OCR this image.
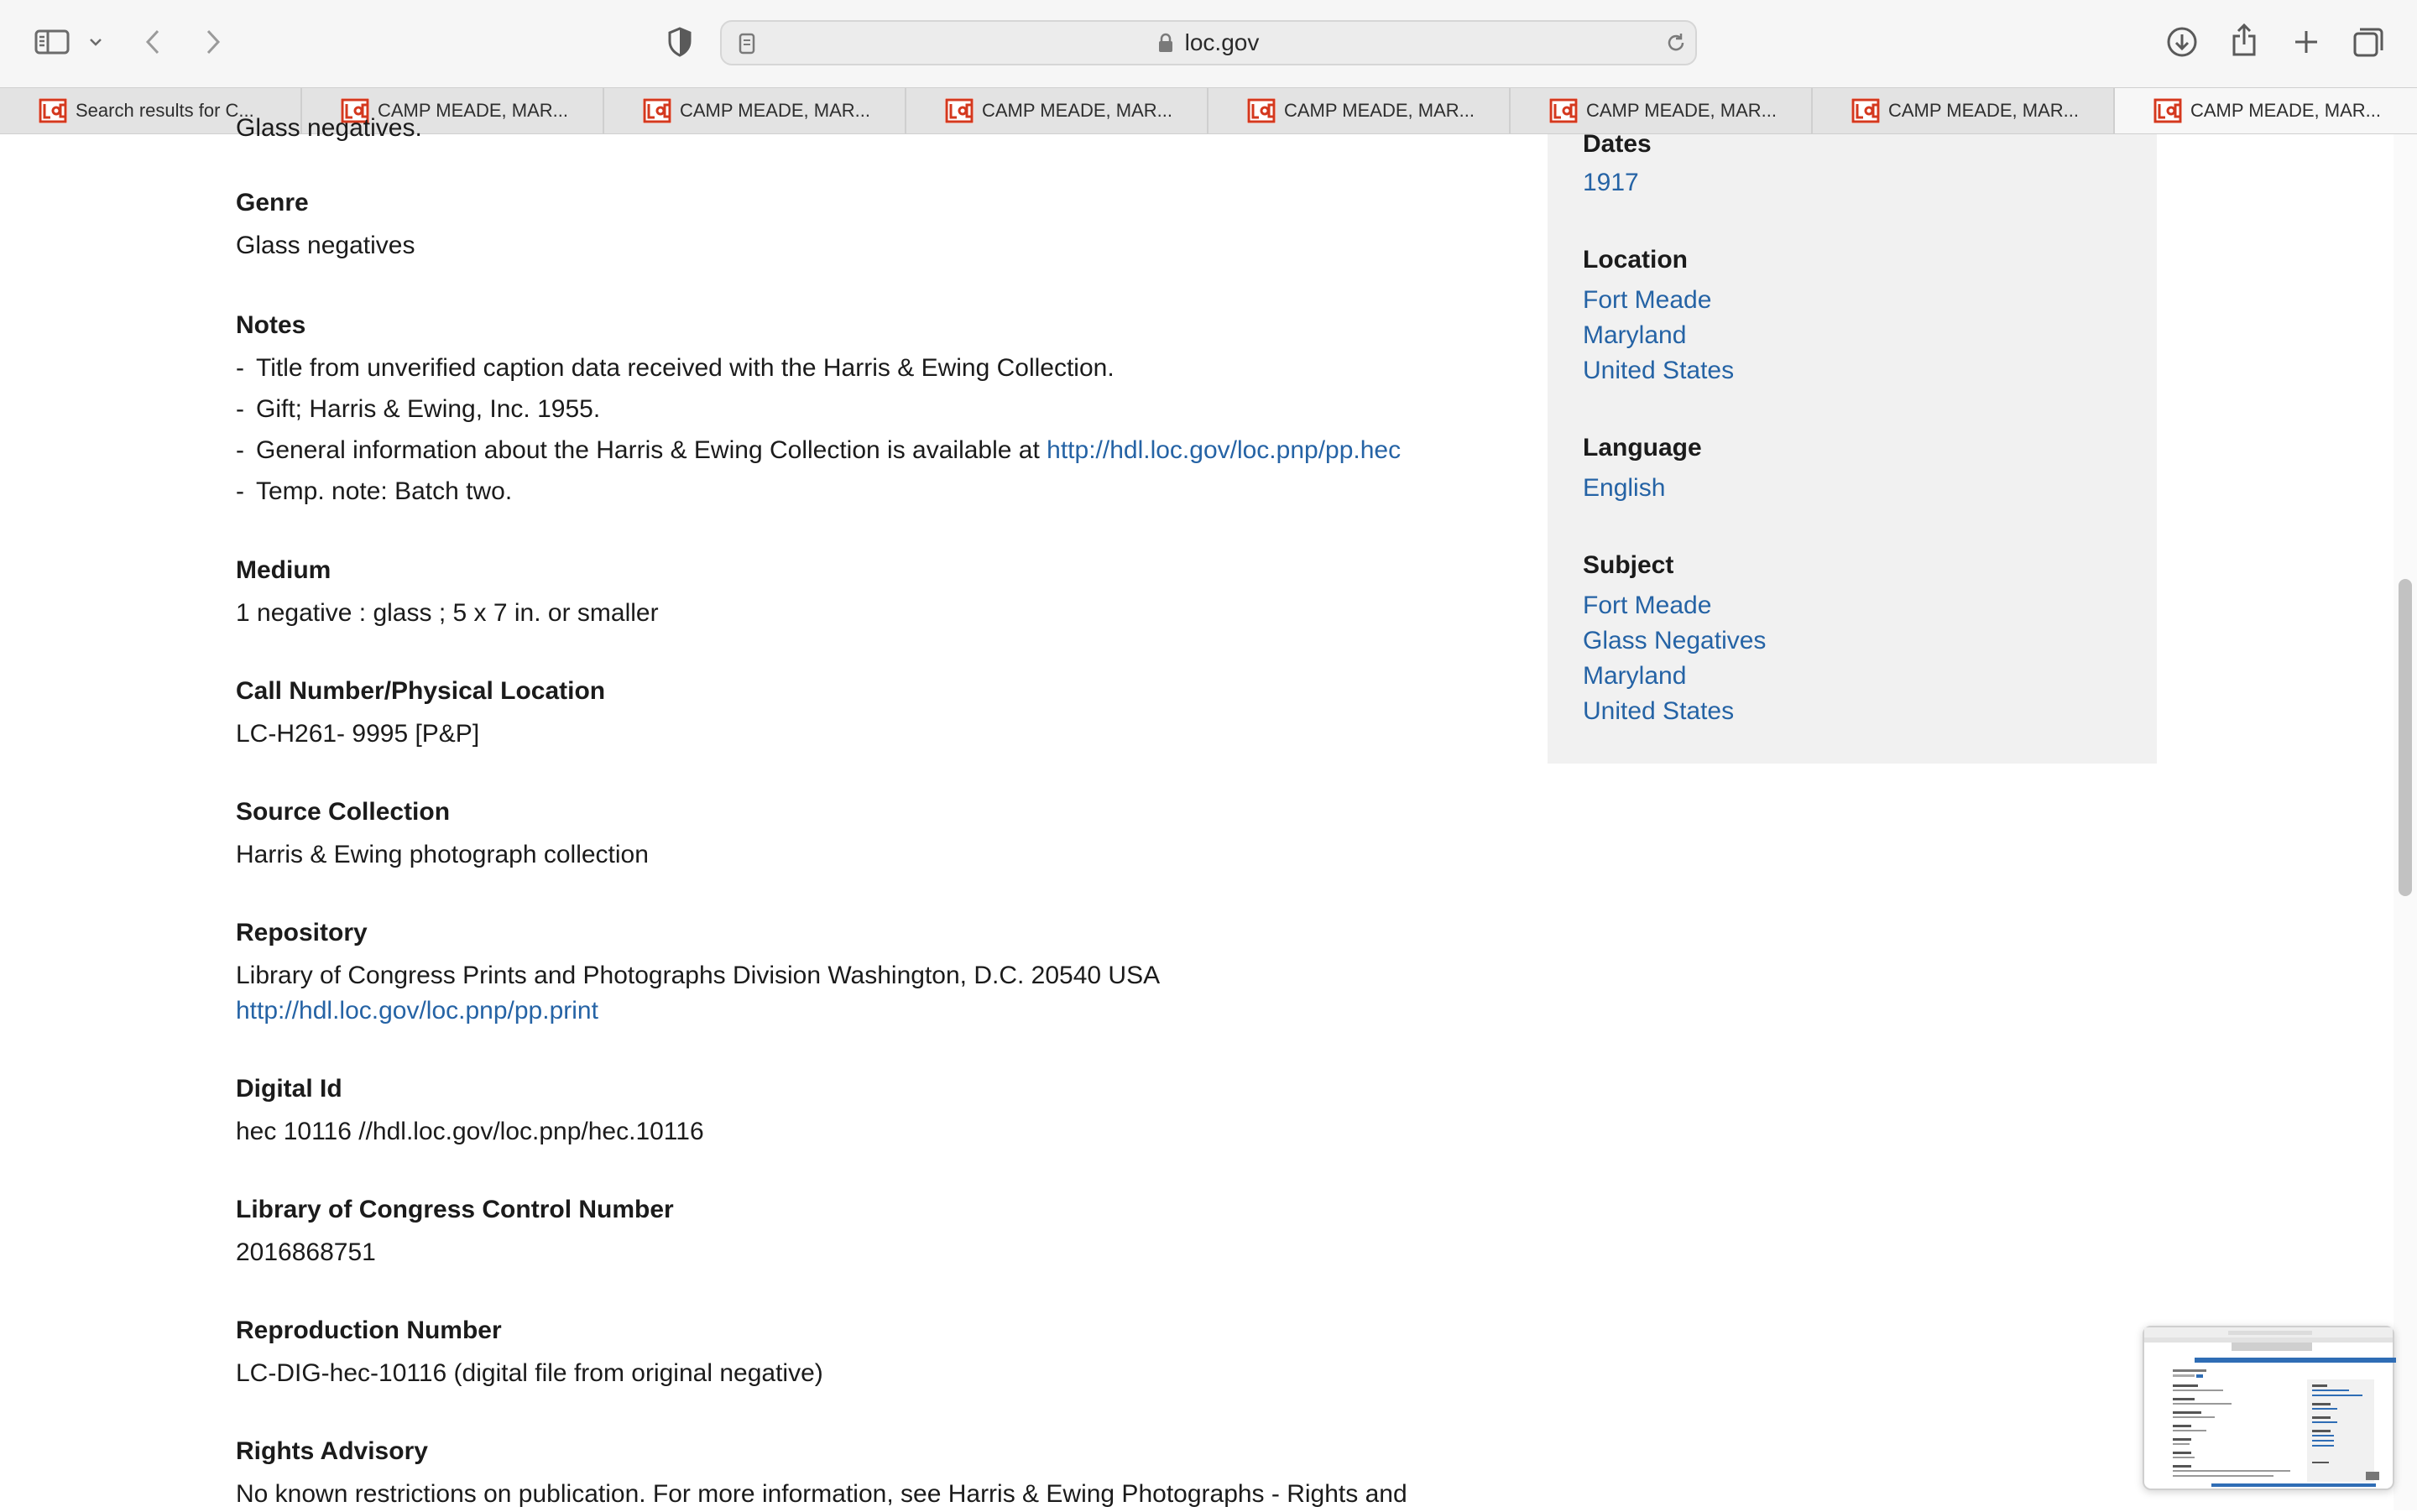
loc.gov
Search results for C...	CAMP MEADE, MAR...	CAMP MEADE, MAR...	CAMP MEADE, MAR...	CAMP MEADE, MAR...	CAMP MEADE, MAR...	CAMP MEADE, MAR...	CAMP MEADE, MAR...
Glass negatives.
Genre
Glass negatives
Notes
- Title from unverified caption data received with the Harris & Ewing Collection.
- Gift; Harris & Ewing, Inc. 1955.
- General information about the Harris & Ewing Collection is available at http://hdl.loc.gov/loc.pnp/pp.hec
- Temp. note: Batch two.
Medium
1 negative : glass ; 5 x 7 in. or smaller
Call Number/Physical Location
LC-H261- 9995 [P&P]
Source Collection
Harris & Ewing photograph collection
Repository
Library of Congress Prints and Photographs Division Washington, D.C. 20540 USA
http://hdl.loc.gov/loc.pnp/pp.print
Digital Id
hec 10116 //hdl.loc.gov/loc.pnp/hec.10116
Library of Congress Control Number
2016868751
Reproduction Number
LC-DIG-hec-10116 (digital file from original negative)
Rights Advisory
No known restrictions on publication. For more information, see Harris & Ewing Photographs - Rights and
Dates
1917
Location
Fort Meade
Maryland
United States
Language
English
Subject
Fort Meade
Glass Negatives
Maryland
United States
